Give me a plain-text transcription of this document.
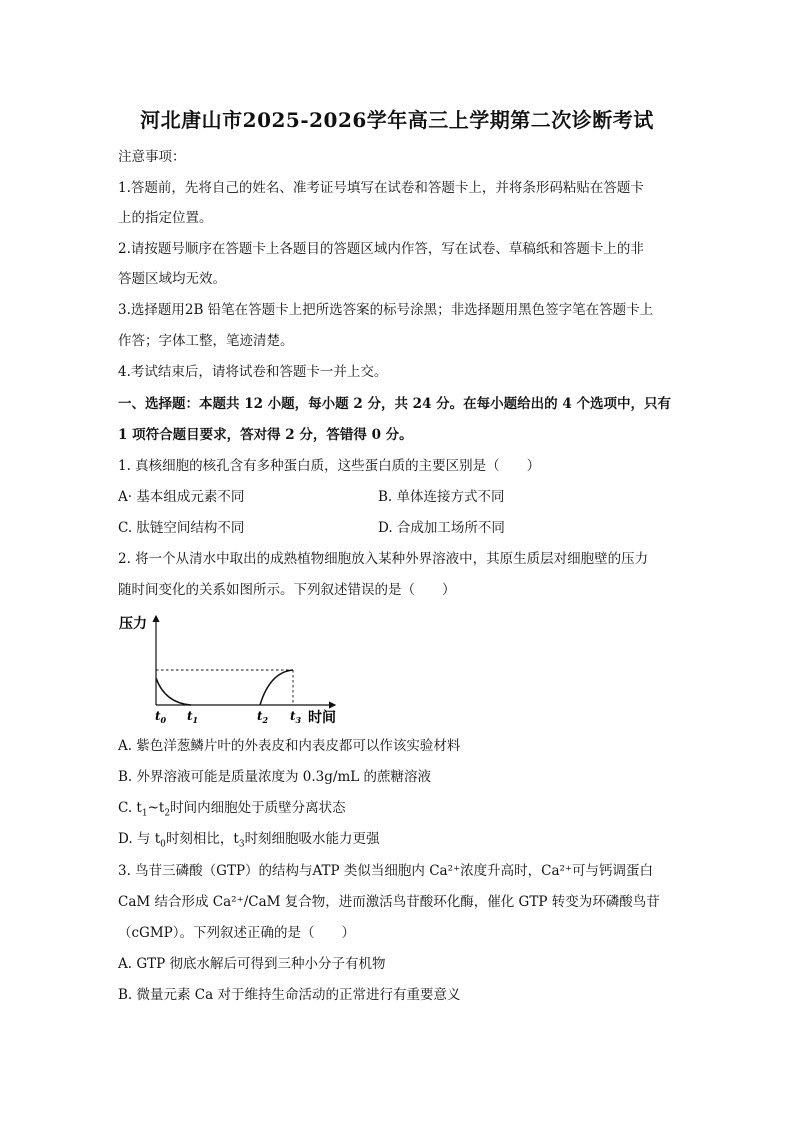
河北唐山市2025-2026学年高三上学期第二次诊断考试
注意事项：
1.答题前，先将自己的姓名、准考证号填写在试卷和答题卡上，并将条形码粘贴在答题卡
上的指定位置。
2.请按题号顺序在答题卡上各题目的答题区域内作答，写在试卷、草稿纸和答题卡上的非
答题区域均无效。
3.选择题用2B 铅笔在答题卡上把所选答案的标号涂黑；非选择题用黑色签字笔在答题卡上
作答；字体工整，笔迹清楚。
4.考试结束后，请将试卷和答题卡一并上交。
一、选择题：本题共 12 小题，每小题 2 分，共 24 分。在每小题给出的 4 个选项中，只有
1 项符合题目要求，答对得 2 分，答错得 0 分。
1. 真核细胞的核孔含有多种蛋白质，这些蛋白质的主要区别是（　　）
A· 基本组成元素不同	B. 单体连接方式不同
C. 肽链空间结构不同	D. 合成加工场所不同
2. 将一个从清水中取出的成熟植物细胞放入某种外界溶液中，其原生质层对细胞壁的压力
随时间变化的关系如图所示。下列叙述错误的是（　　）
压力
$t_0$ $t_1$	$t_2$ $t_3$ 时间
A. 紫色洋葱鳞片叶的外表皮和内表皮都可以作该实验材料
B. 外界溶液可能是质量浓度为 0.3g/mL 的蔗糖溶液
C. $t_1\sim t_2$时间内细胞处于质壁分离状态
D. 与 $t_0$时刻相比，$t_3$时刻细胞吸水能力更强
3. 鸟苷三磷酸（GTP）的结构与ATP 类似当细胞内 Ca²⁺浓度升高时，Ca²⁺可与钙调蛋白
CaM 结合形成 Ca²⁺/CaM 复合物，进而激活鸟苷酸环化酶，催化 GTP 转变为环磷酸鸟苷
（cGMP）。下列叙述正确的是（　　）
A. GTP 彻底水解后可得到三种小分子有机物
B. 微量元素 Ca 对于维持生命活动的正常进行有重要意义
